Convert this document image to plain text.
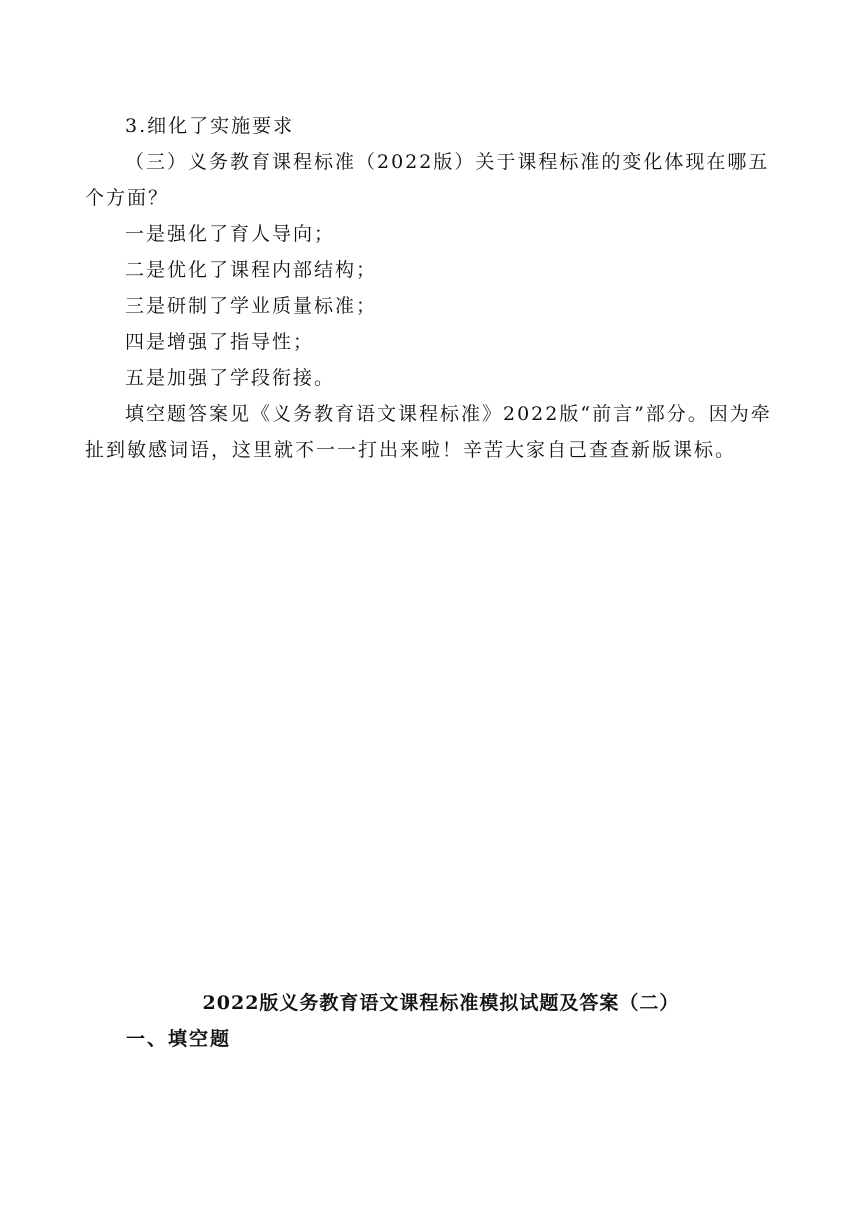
3.细化了实施要求

（三）义务教育课程标准（2022版）关于课程标准的变化体现在哪五个方面？

一是强化了育人导向；

二是优化了课程内部结构；

三是研制了学业质量标准；

四是增强了指导性；

五是加强了学段衔接。

填空题答案见《义务教育语文课程标准》2022版“前言”部分。因为牵扯到敏感词语，这里就不一一打出来啦！辛苦大家自己查查新版课标。

2022版义务教育语文课程标准模拟试题及答案（二）

一、填空题
